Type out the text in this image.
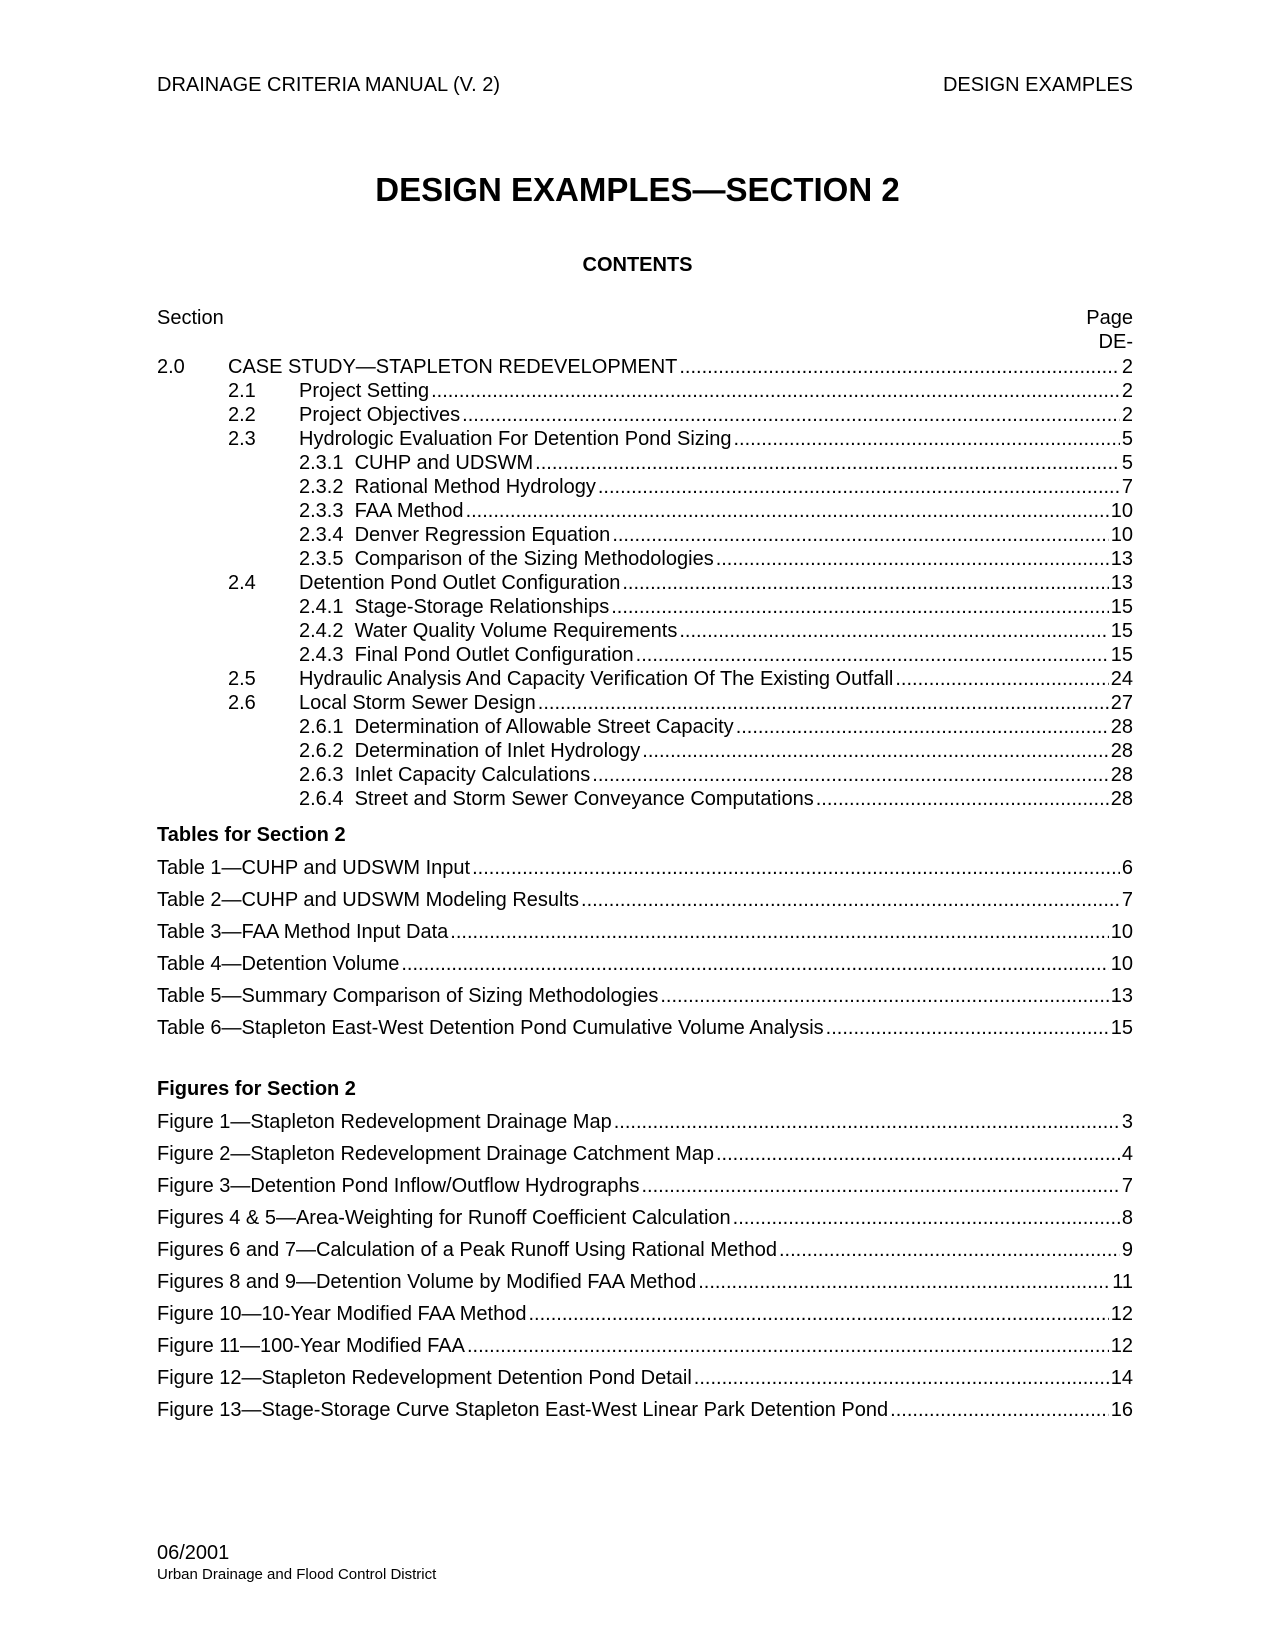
DRAINAGE CRITERIA MANUAL (V. 2)	DESIGN EXAMPLES
DESIGN EXAMPLES—SECTION 2
CONTENTS
Section	Page
DE-
2.0 CASE STUDY—STAPLETON REDEVELOPMENT .....	2
2.1 Project Setting .....	2
2.2 Project Objectives .....	2
2.3 Hydrologic Evaluation For Detention Pond Sizing .....	5
2.3.1  CUHP and UDSWM .....	5
2.3.2  Rational Method Hydrology .....	7
2.3.3  FAA Method .....	10
2.3.4  Denver Regression Equation .....	10
2.3.5  Comparison of the Sizing Methodologies .....	13
2.4 Detention Pond Outlet Configuration .....	13
2.4.1  Stage-Storage Relationships .....	15
2.4.2  Water Quality Volume Requirements .....	15
2.4.3  Final Pond Outlet Configuration .....	15
2.5 Hydraulic Analysis And Capacity Verification Of The Existing Outfall .....	24
2.6 Local Storm Sewer Design .....	27
2.6.1  Determination of Allowable Street Capacity .....	28
2.6.2  Determination of Inlet Hydrology .....	28
2.6.3  Inlet Capacity Calculations .....	28
2.6.4  Street and Storm Sewer Conveyance Computations .....	28
Tables for Section 2
Table 1—CUHP and UDSWM Input .....	6
Table 2—CUHP and UDSWM Modeling Results .....	7
Table 3—FAA Method Input Data .....	10
Table 4—Detention Volume .....	10
Table 5—Summary Comparison of Sizing Methodologies .....	13
Table 6—Stapleton East-West Detention Pond Cumulative Volume Analysis .....	15
Figures for Section 2
Figure 1—Stapleton Redevelopment Drainage Map .....	3
Figure 2—Stapleton Redevelopment Drainage Catchment Map .....	4
Figure 3—Detention Pond Inflow/Outflow Hydrographs .....	7
Figures 4 & 5—Area-Weighting for Runoff Coefficient Calculation .....	8
Figures 6 and 7—Calculation of a Peak Runoff Using Rational Method .....	9
Figures 8 and 9—Detention Volume by Modified FAA Method .....	11
Figure 10—10-Year Modified FAA Method .....	12
Figure 11—100-Year Modified FAA .....	12
Figure 12—Stapleton Redevelopment Detention Pond Detail .....	14
Figure 13—Stage-Storage Curve Stapleton East-West Linear Park Detention Pond .....	16
06/2001
Urban Drainage and Flood Control District
